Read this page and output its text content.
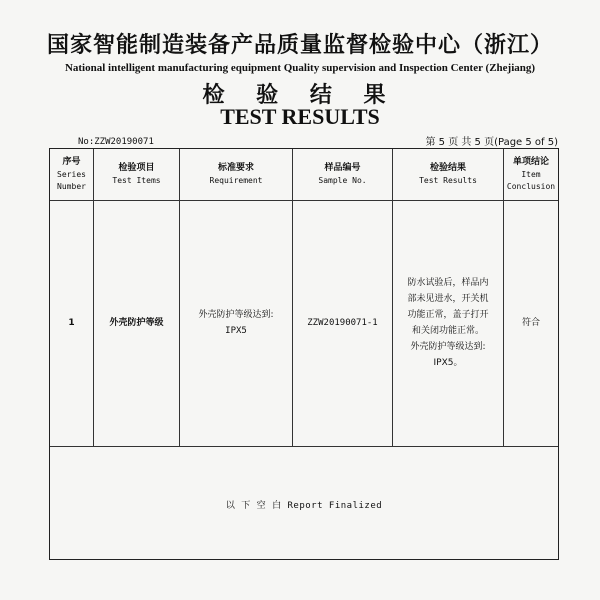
国家智能制造装备产品质量监督检验中心（浙江）
National intelligent manufacturing equipment Quality supervision and Inspection Center (Zhejiang)
检 验 结 果
TEST RESULTS
No:ZZW20190071	第 5 页 共 5 页(Page 5 of 5)
序号
Series
Number
检验项目
Test Items
标准要求
Requirement
样品编号
Sample No.
检验结果
Test Results
单项结论
Item
Conclusion
1	外壳防护等级
外壳防护等级达到:
IPX5
ZZW20190071-1
防水试验后，样品内
部未见进水，开关机
功能正常，盖子打开
和关闭功能正常。
外壳防护等级达到:
IPX5。
符合
以 下 空 白 Report Finalized
